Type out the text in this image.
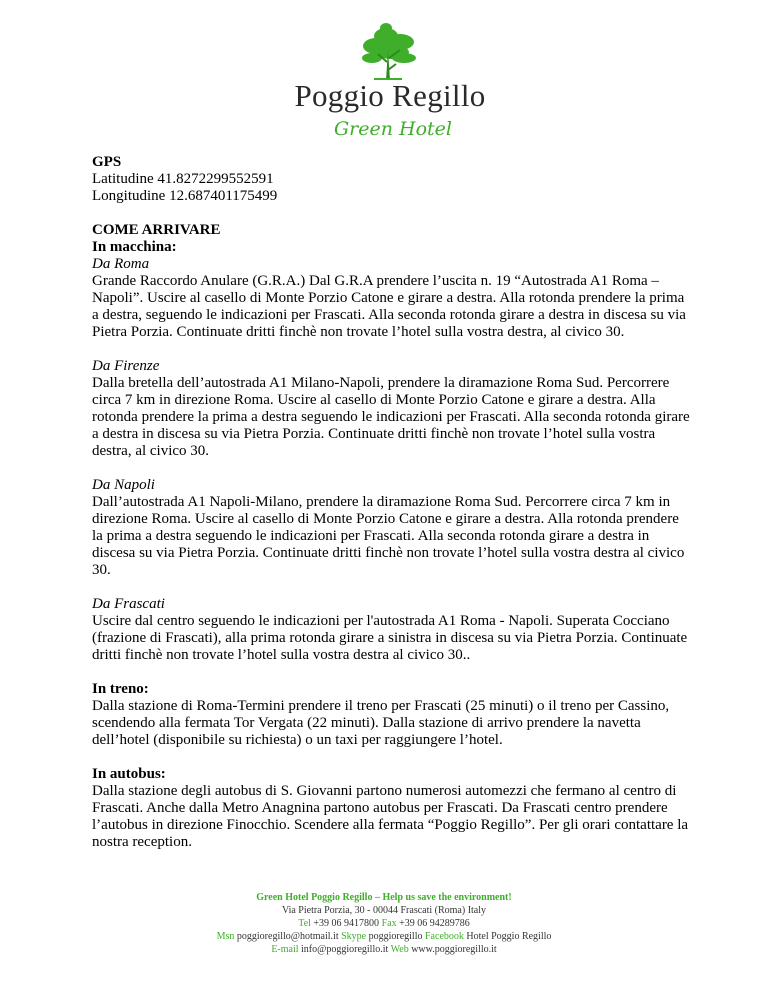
Poggio Regillo
Green Hotel

GPS

Latitudine 41.8272299552591

Longitudine 12.687401175499

COME ARRIVARE

In macchina:

Da Roma

Grande Raccordo Anulare (G.R.A.) Dal G.R.A prendere l’uscita n. 19 “Autostrada A1 Roma – Napoli”. Uscire al casello di Monte Porzio Catone e girare a destra. Alla rotonda prendere la prima a destra, seguendo le indicazioni per Frascati. Alla seconda rotonda girare a destra in discesa su via Pietra Porzia. Continuate dritti finchè non trovate l’hotel sulla vostra destra, al civico 30.

Da Firenze

Dalla bretella dell’autostrada A1 Milano-Napoli, prendere la diramazione Roma Sud. Percorrere circa 7 km in direzione Roma. Uscire al casello di Monte Porzio Catone e girare a destra. Alla rotonda prendere la prima a destra seguendo le indicazioni per Frascati. Alla seconda rotonda girare a destra in discesa su via Pietra Porzia. Continuate dritti finchè non trovate l’hotel sulla vostra destra, al civico 30.

Da Napoli

Dall’autostrada A1 Napoli-Milano, prendere la diramazione Roma Sud. Percorrere circa 7 km in direzione Roma. Uscire al casello di Monte Porzio Catone e girare a destra. Alla rotonda prendere la prima a destra seguendo le indicazioni per Frascati. Alla seconda rotonda girare a destra in discesa su via Pietra Porzia. Continuate dritti finchè non trovate l’hotel sulla vostra destra al civico 30.

Da Frascati

Uscire dal centro seguendo le indicazioni per l'autostrada A1 Roma - Napoli. Superata Cocciano (frazione di Frascati), alla prima rotonda girare a sinistra in discesa su via Pietra Porzia. Continuate dritti finchè non trovate l’hotel sulla vostra destra al civico 30..

In treno:

Dalla stazione di Roma-Termini prendere il treno per Frascati (25 minuti) o il treno per Cassino, scendendo alla fermata Tor Vergata (22 minuti). Dalla stazione di arrivo prendere la navetta dell’hotel (disponibile su richiesta) o un taxi per raggiungere l’hotel.

In autobus:

Dalla stazione degli autobus di S. Giovanni partono numerosi automezzi che fermano al centro di Frascati. Anche dalla Metro Anagnina partono autobus per Frascati. Da Frascati centro prendere l’autobus in direzione Finocchio. Scendere alla fermata “Poggio Regillo”. Per gli orari contattare la nostra reception.

Green Hotel Poggio Regillo – Help us save the environment!
Via Pietra Porzia, 30 - 00044 Frascati (Roma) Italy
Tel +39 06 9417800 Fax +39 06 94289786
Msn poggioregillo@hotmail.it Skype poggioregillo Facebook Hotel Poggio Regillo
E-mail info@poggioregillo.it Web www.poggioregillo.it
